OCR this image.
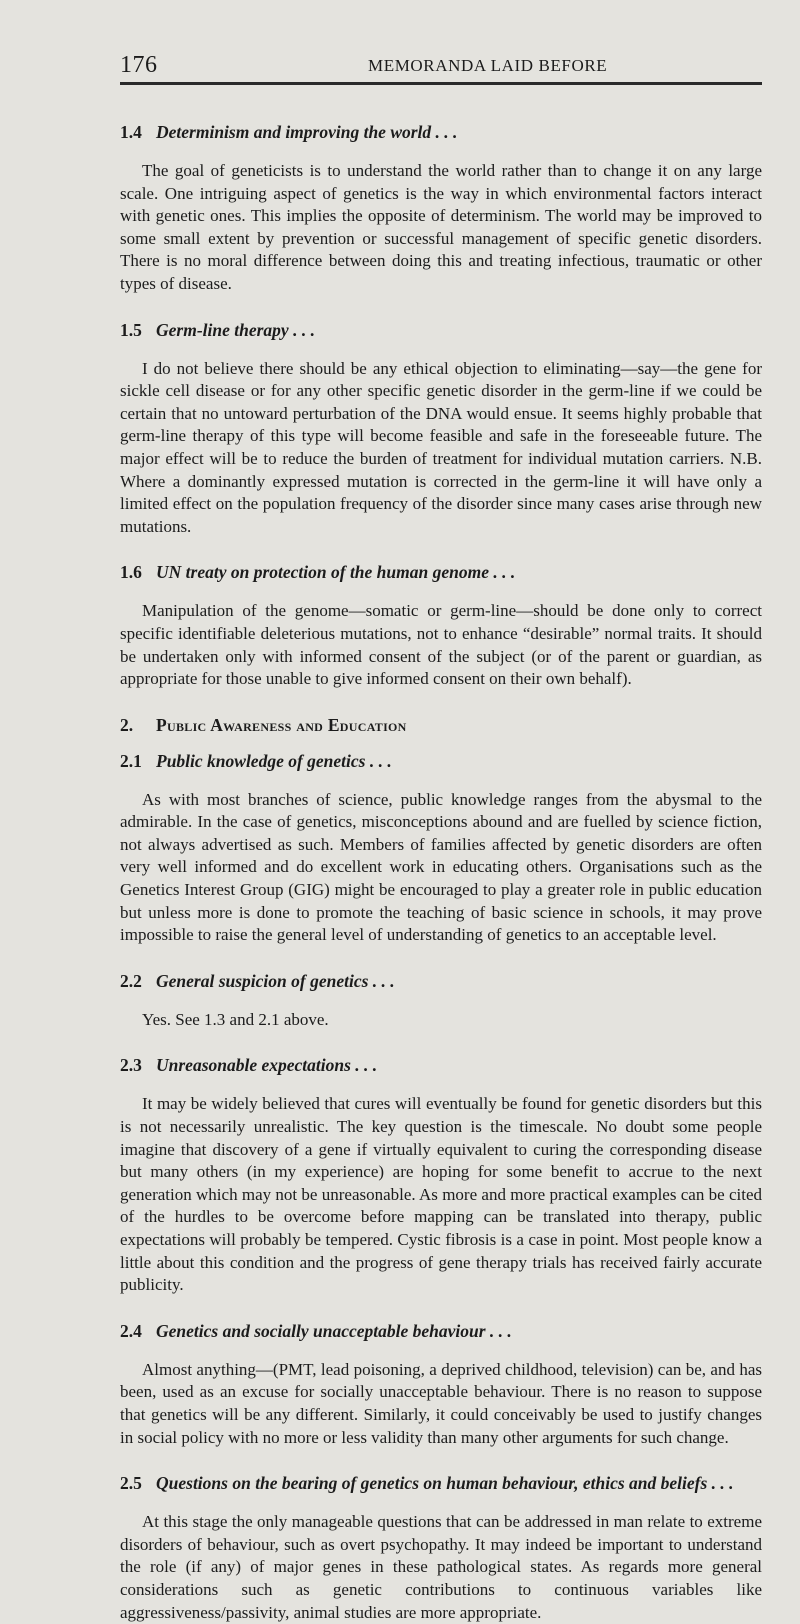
176	MEMORANDA LAID BEFORE
1.4 Determinism and improving the world . . .

The goal of geneticists is to understand the world rather than to change it on any large scale. One intriguing aspect of genetics is the way in which environmental factors interact with genetic ones. This implies the opposite of determinism. The world may be improved to some small extent by prevention or successful management of specific genetic disorders. There is no moral difference between doing this and treating infectious, traumatic or other types of disease.

1.5 Germ-line therapy . . .

I do not believe there should be any ethical objection to eliminating—say—the gene for sickle cell disease or for any other specific genetic disorder in the germ-line if we could be certain that no untoward perturbation of the DNA would ensue. It seems highly probable that germ-line therapy of this type will become feasible and safe in the foreseeable future. The major effect will be to reduce the burden of treatment for individual mutation carriers. N.B. Where a dominantly expressed mutation is corrected in the germ-line it will have only a limited effect on the population frequency of the disorder since many cases arise through new mutations.

1.6 UN treaty on protection of the human genome . . .

Manipulation of the genome—somatic or germ-line—should be done only to correct specific identifiable deleterious mutations, not to enhance “desirable” normal traits. It should be undertaken only with informed consent of the subject (or of the parent or guardian, as appropriate for those unable to give informed consent on their own behalf).

2. Public Awareness and Education
2.1 Public knowledge of genetics . . .

As with most branches of science, public knowledge ranges from the abysmal to the admirable. In the case of genetics, misconceptions abound and are fuelled by science fiction, not always advertised as such. Members of families affected by genetic disorders are often very well informed and do excellent work in educating others. Organisations such as the Genetics Interest Group (GIG) might be encouraged to play a greater role in public education but unless more is done to promote the teaching of basic science in schools, it may prove impossible to raise the general level of understanding of genetics to an acceptable level.

2.2 General suspicion of genetics . . .

Yes. See 1.3 and 2.1 above.

2.3 Unreasonable expectations . . .

It may be widely believed that cures will eventually be found for genetic disorders but this is not necessarily unrealistic. The key question is the timescale. No doubt some people imagine that discovery of a gene if virtually equivalent to curing the corresponding disease but many others (in my experience) are hoping for some benefit to accrue to the next generation which may not be unreasonable. As more and more practical examples can be cited of the hurdles to be overcome before mapping can be translated into therapy, public expectations will probably be tempered. Cystic fibrosis is a case in point. Most people know a little about this condition and the progress of gene therapy trials has received fairly accurate publicity.

2.4 Genetics and socially unacceptable behaviour . . .

Almost anything—(PMT, lead poisoning, a deprived childhood, television) can be, and has been, used as an excuse for socially unacceptable behaviour. There is no reason to suppose that genetics will be any different. Similarly, it could conceivably be used to justify changes in social policy with no more or less validity than many other arguments for such change.

2.5 Questions on the bearing of genetics on human behaviour, ethics and beliefs . . .

At this stage the only manageable questions that can be addressed in man relate to extreme disorders of behaviour, such as overt psychopathy. It may indeed be important to understand the role (if any) of major genes in these pathological states. As regards more general considerations such as genetic contributions to continuous variables like aggressiveness/passivity, animal studies are more appropriate.
